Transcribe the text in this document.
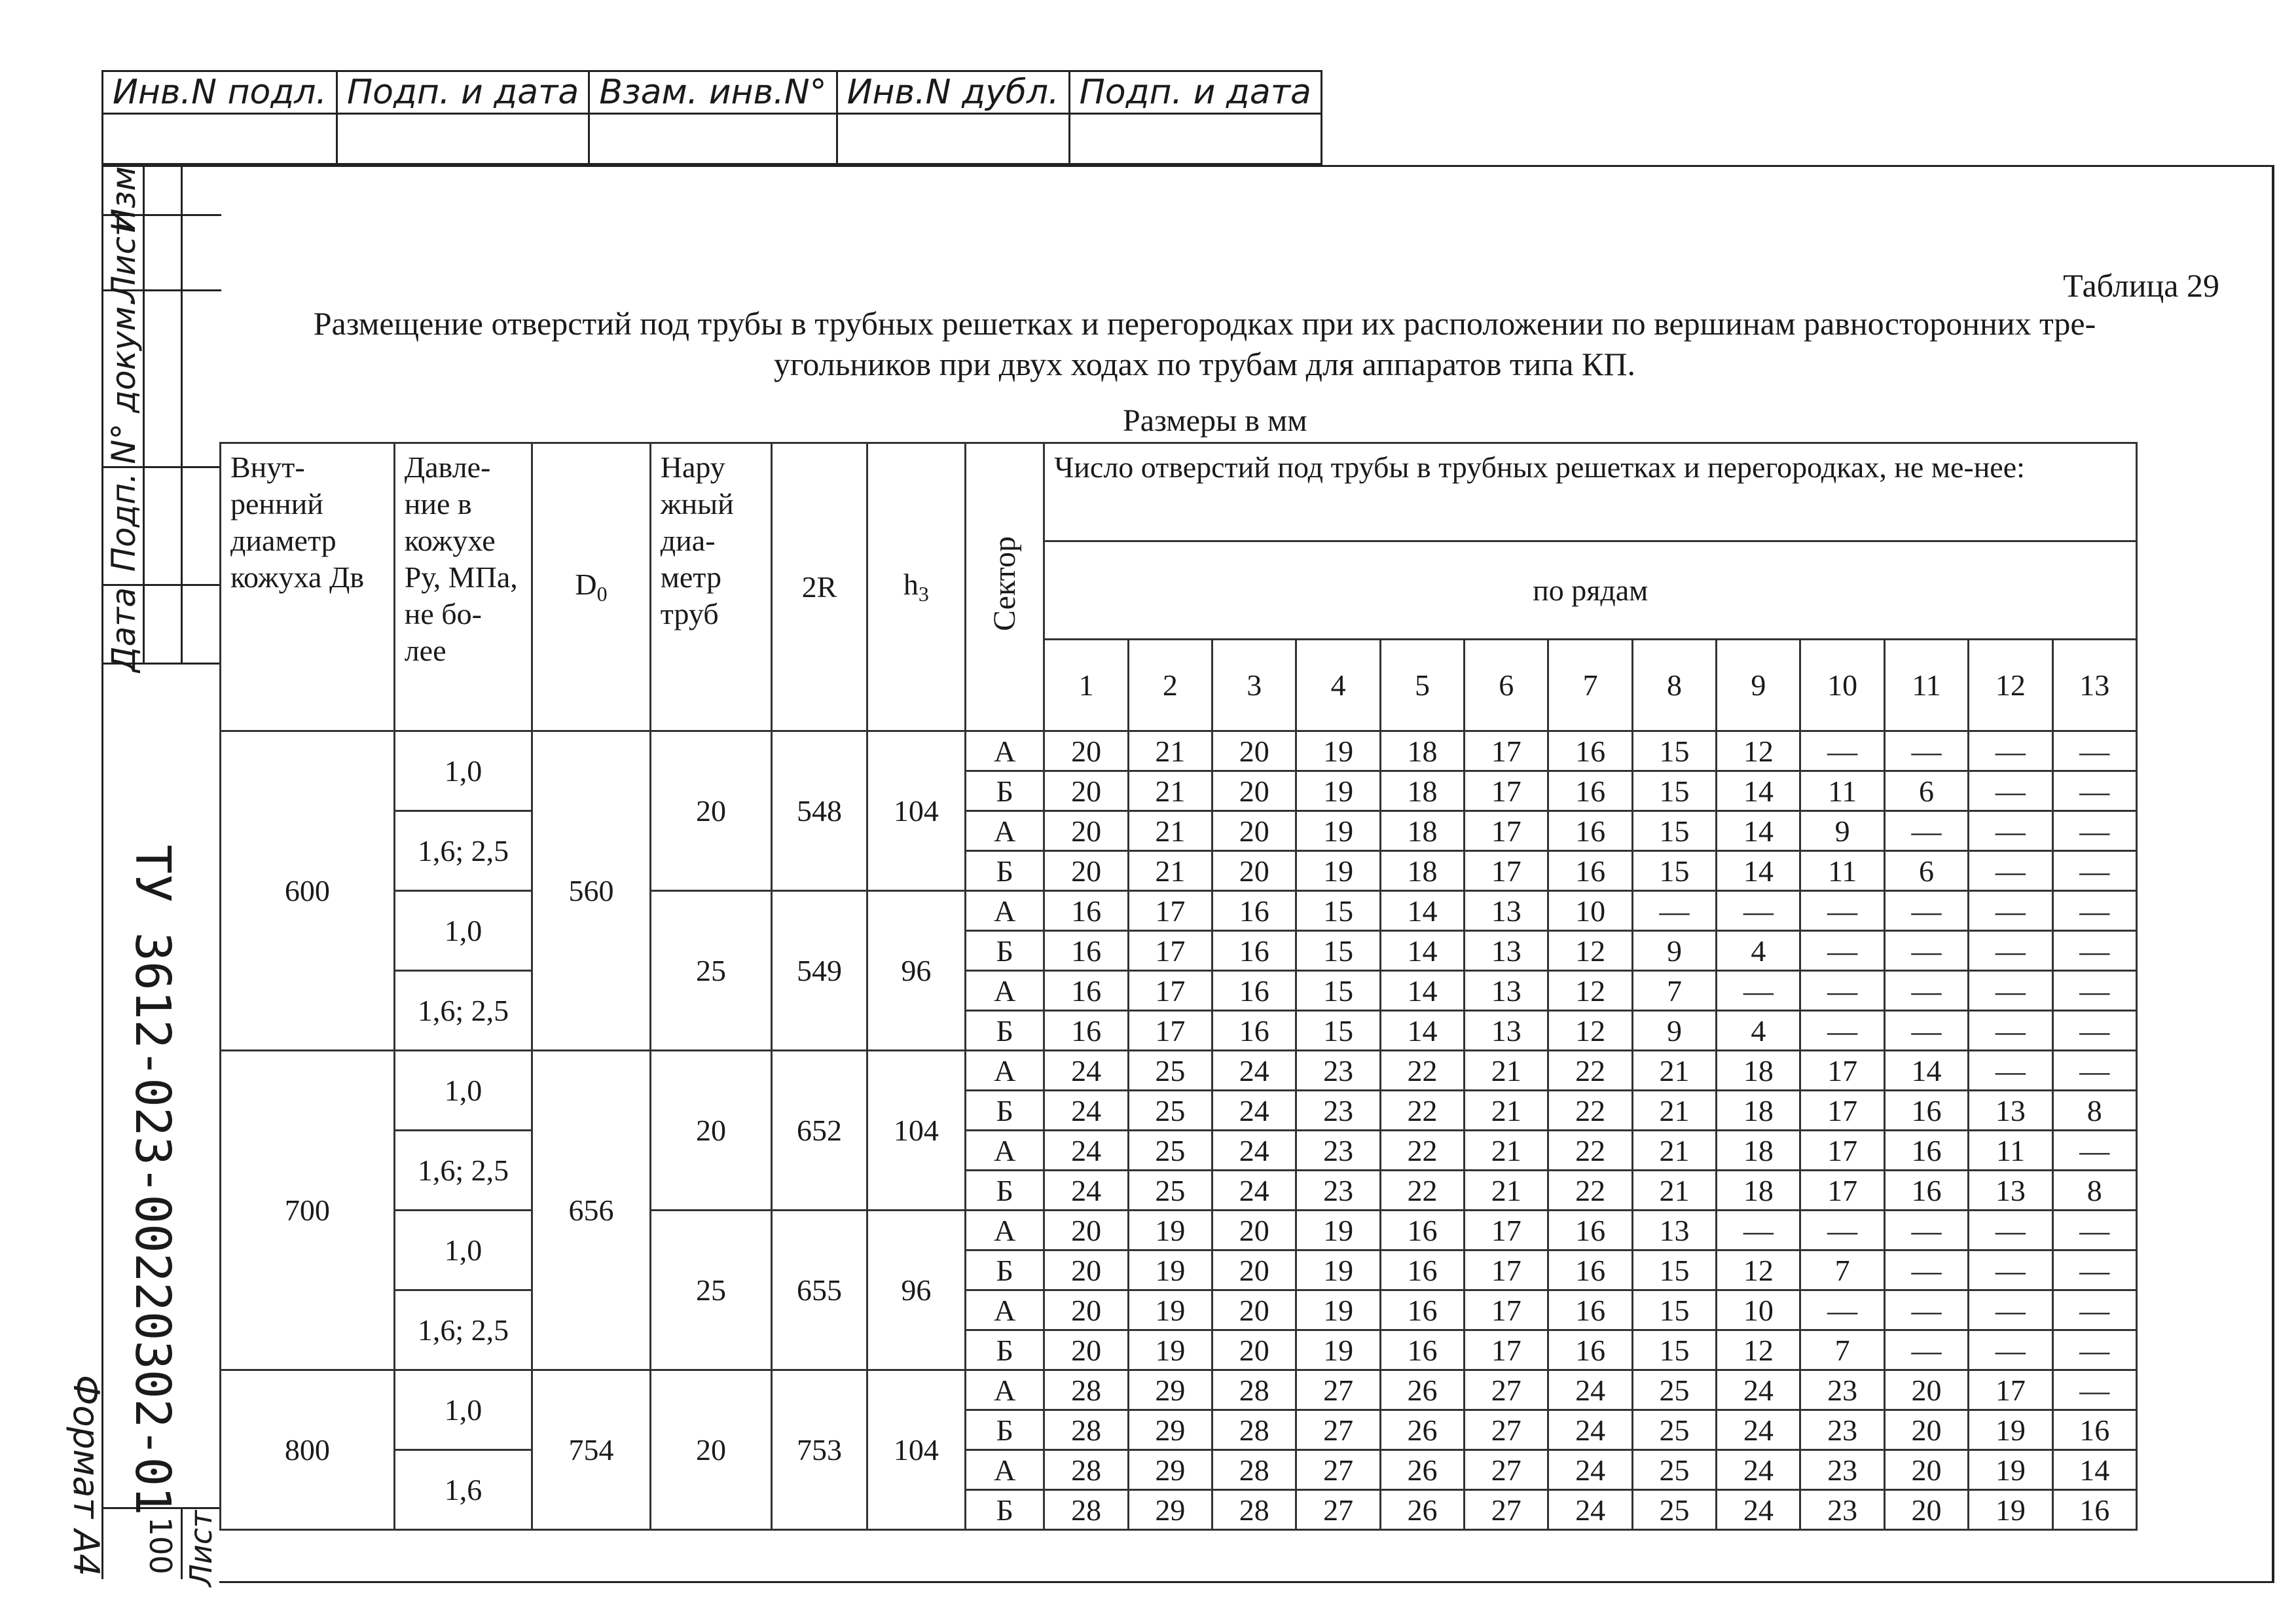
Инв.N подл.	Подп. и дата	Взам. инв.N°	Инв.N дубл.	Подп. и дата

Изм
Лист
N° докум.
Подп.
Дата
Лист
100
ТУ 3612-023-00220302-01
Формат А4
Таблица 29
Размещение отверстий под трубы в трубных решетках и перегородках при их расположении по вершинам равносторонних тре-
угольников при двух ходах по трубам для аппаратов типа КП.
Размеры в мм
Внут-ренний диаметр кожуха Дв	Давле-ние в кожухе Ру, МПа, не бо-лее	$D_0$	Нару жный диа-метр труб	2R	$h_3$	Сектор	Число отверстий под трубы в трубных решетках и перегородках, не ме-нее:												
							по рядам												
							1	2	3	4	5	6	7	8	9	10	11	12	13
600	1,0	560	20	548	104	А	20	21	20	19	18	17	16	15	12	—	—	—	—
						Б	20	21	20	19	18	17	16	15	14	11	6	—	—
	1,6; 2,5					А	20	21	20	19	18	17	16	15	14	9	—	—	—
						Б	20	21	20	19	18	17	16	15	14	11	6	—	—
	1,0		25	549	96	А	16	17	16	15	14	13	10	—	—	—	—	—	—
						Б	16	17	16	15	14	13	12	9	4	—	—	—	—
	1,6; 2,5					А	16	17	16	15	14	13	12	7	—	—	—	—	—
						Б	16	17	16	15	14	13	12	9	4	—	—	—	—
700	1,0	656	20	652	104	А	24	25	24	23	22	21	22	21	18	17	14	—	—
						Б	24	25	24	23	22	21	22	21	18	17	16	13	8
	1,6; 2,5					А	24	25	24	23	22	21	22	21	18	17	16	11	—
						Б	24	25	24	23	22	21	22	21	18	17	16	13	8
	1,0		25	655	96	А	20	19	20	19	16	17	16	13	—	—	—	—	—
						Б	20	19	20	19	16	17	16	15	12	7	—	—	—
	1,6; 2,5					А	20	19	20	19	16	17	16	15	10	—	—	—	—
						Б	20	19	20	19	16	17	16	15	12	7	—	—	—
800	1,0	754	20	753	104	А	28	29	28	27	26	27	24	25	24	23	20	17	—
						Б	28	29	28	27	26	27	24	25	24	23	20	19	16
	1,6					А	28	29	28	27	26	27	24	25	24	23	20	19	14
						Б	28	29	28	27	26	27	24	25	24	23	20	19	16
